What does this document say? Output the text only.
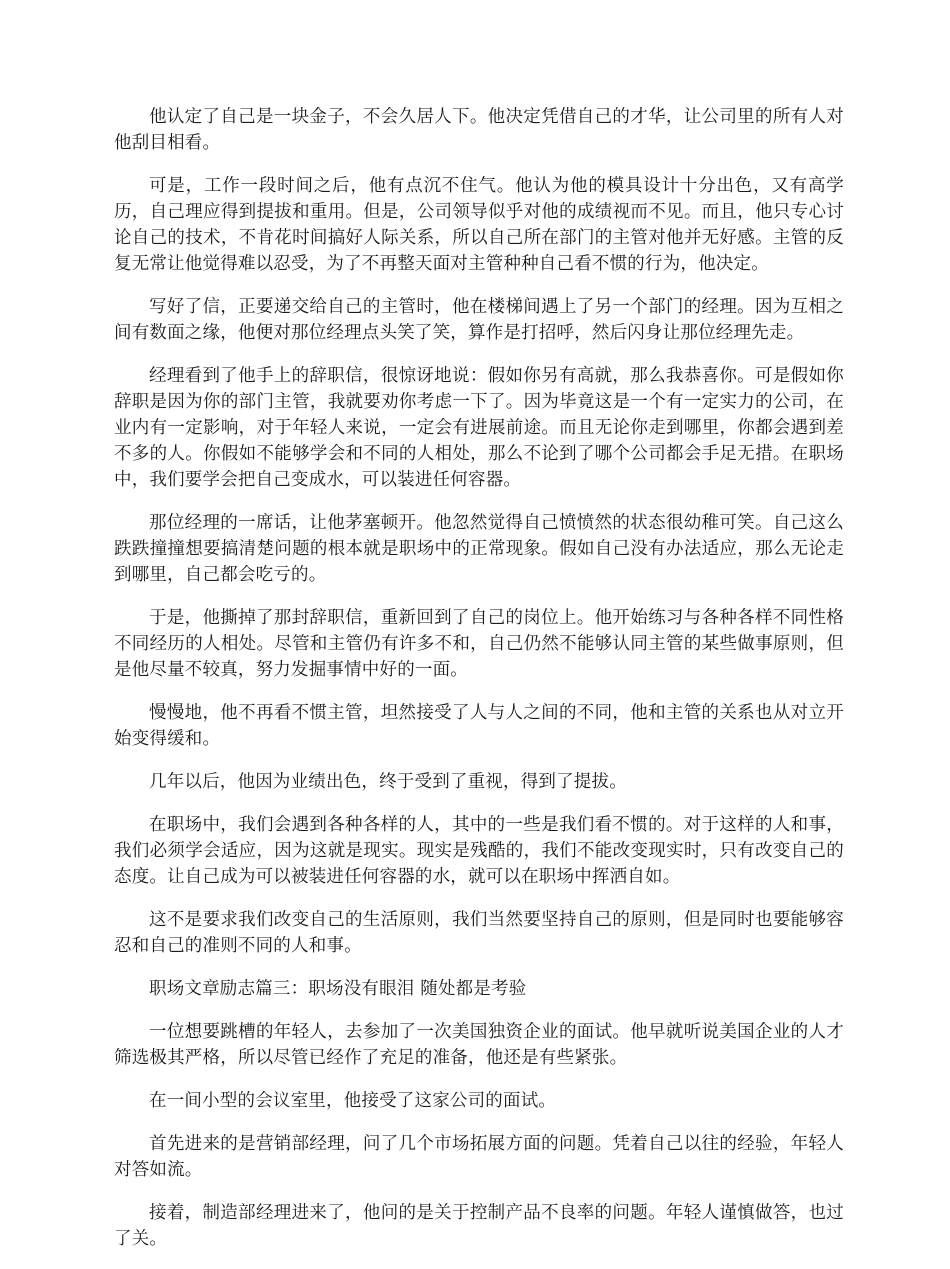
他认定了自己是一块金子，不会久居人下。他决定凭借自己的才华，让公司里的所有人对他刮目相看。

可是，工作一段时间之后，他有点沉不住气。他认为他的模具设计十分出色，又有高学历，自己理应得到提拔和重用。但是，公司领导似乎对他的成绩视而不见。而且，他只专心讨论自己的技术，不肯花时间搞好人际关系，所以自己所在部门的主管对他并无好感。主管的反复无常让他觉得难以忍受，为了不再整天面对主管种种自己看不惯的行为，他决定。

写好了信，正要递交给自己的主管时，他在楼梯间遇上了另一个部门的经理。因为互相之间有数面之缘，他便对那位经理点头笑了笑，算作是打招呼，然后闪身让那位经理先走。

经理看到了他手上的辞职信，很惊讶地说：假如你另有高就，那么我恭喜你。可是假如你辞职是因为你的部门主管，我就要劝你考虑一下了。因为毕竟这是一个有一定实力的公司，在业内有一定影响，对于年轻人来说，一定会有进展前途。而且无论你走到哪里，你都会遇到差不多的人。你假如不能够学会和不同的人相处，那么不论到了哪个公司都会手足无措。在职场中，我们要学会把自己变成水，可以装进任何容器。

那位经理的一席话，让他茅塞顿开。他忽然觉得自己愤愤然的状态很幼稚可笑。自己这么跌跌撞撞想要搞清楚问题的根本就是职场中的正常现象。假如自己没有办法适应，那么无论走到哪里，自己都会吃亏的。

于是，他撕掉了那封辞职信，重新回到了自己的岗位上。他开始练习与各种各样不同性格不同经历的人相处。尽管和主管仍有许多不和，自己仍然不能够认同主管的某些做事原则，但是他尽量不较真，努力发掘事情中好的一面。

慢慢地，他不再看不惯主管，坦然接受了人与人之间的不同，他和主管的关系也从对立开始变得缓和。

几年以后，他因为业绩出色，终于受到了重视，得到了提拔。

在职场中，我们会遇到各种各样的人，其中的一些是我们看不惯的。对于这样的人和事，我们必须学会适应，因为这就是现实。现实是残酷的，我们不能改变现实时，只有改变自己的态度。让自己成为可以被装进任何容器的水，就可以在职场中挥洒自如。

这不是要求我们改变自己的生活原则，我们当然要坚持自己的原则，但是同时也要能够容忍和自己的准则不同的人和事。

职场文章励志篇三：职场没有眼泪 随处都是考验

一位想要跳槽的年轻人，去参加了一次美国独资企业的面试。他早就听说美国企业的人才筛选极其严格，所以尽管已经作了充足的准备，他还是有些紧张。

在一间小型的会议室里，他接受了这家公司的面试。

首先进来的是营销部经理，问了几个市场拓展方面的问题。凭着自己以往的经验，年轻人对答如流。

接着，制造部经理进来了，他问的是关于控制产品不良率的问题。年轻人谨慎做答，也过了关。
